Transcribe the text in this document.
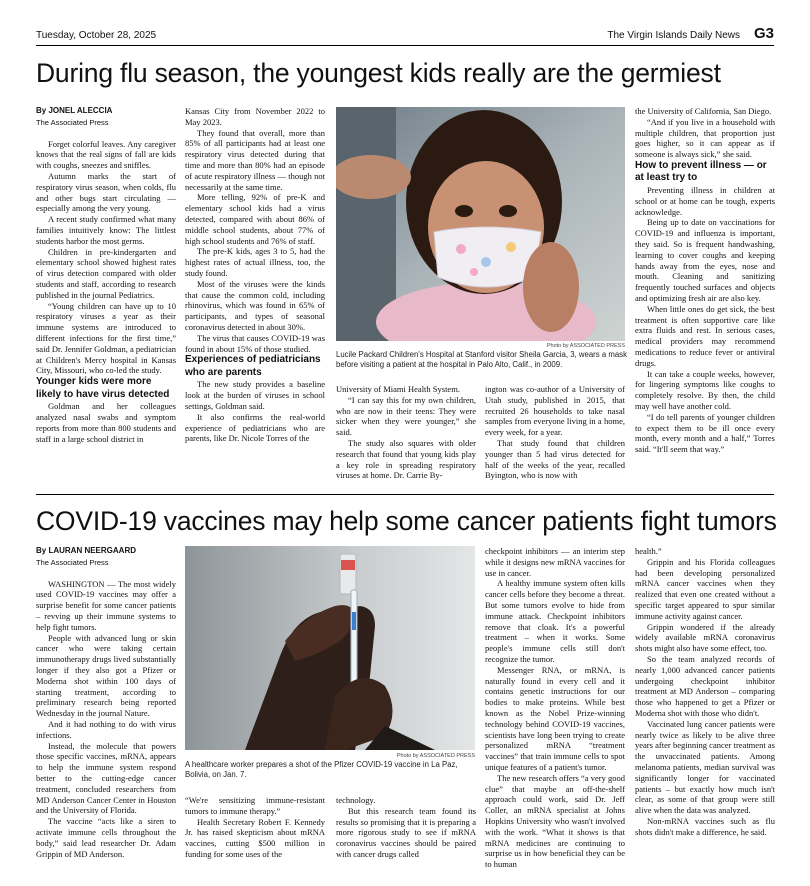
Tuesday, October 28, 2025	The Virgin Islands Daily News G3
During flu season, the youngest kids really are the germiest
By JONEL ALECCIA
The Associated Press

Forget colorful leaves. Any caregiver knows that the real signs of fall are kids with coughs, sneezes and sniffles.

Autumn marks the start of respiratory virus season, when colds, flu and other bugs start circulating — especially among the very young.

A recent study confirmed what many families intuitively know: The littlest students harbor the most germs.

Children in pre-kindergarten and elementary school showed highest rates of virus detection compared with older students and staff, according to research published in the journal Pediatrics.

“Young children can have up to 10 respiratory viruses a year as their immune systems are introduced to different infections for the first time,” said Dr. Jennifer Goldman, a pediatrician at Children's Mercy hospital in Kansas City, Missouri, who co-led the study.

Younger kids were more likely to have virus detected

Goldman and her colleagues analyzed nasal swabs and symptom reports from more than 800 students and staff in a large school district in

Kansas City from November 2022 to May 2023.

They found that overall, more than 85% of all participants had at least one respiratory virus detected during that time and more than 80% had an episode of acute respiratory illness — though not necessarily at the same time.

More telling, 92% of pre-K and elementary school kids had a virus detected, compared with about 86% of middle school students, about 77% of high school students and 76% of staff.

The pre-K kids, ages 3 to 5, had the highest rates of actual illness, too, the study found.

Most of the viruses were the kinds that cause the common cold, including rhinovirus, which was found in 65% of participants, and types of seasonal coronavirus detected in about 30%.

The virus that causes COVID-19 was found in about 15% of those studied.

Experiences of pediatricians who are parents

The new study provides a baseline look at the burden of viruses in school settings, Goldman said.

It also confirms the real-world experience of pediatricians who are parents, like Dr. Nicole Torres of the

Photo by ASSOCIATED PRESS
Lucile Packard Children's Hospital at Stanford visitor Sheila Garcia, 3, wears a mask before visiting a patient at the hospital in Palo Alto, Calif., in 2009.

University of Miami Health System.

“I can say this for my own children, who are now in their teens: They were sicker when they were younger,” she said.

The study also squares with older research that found that young kids play a key role in spreading respiratory viruses at home. Dr. Carrie By-

ington was co-author of a University of Utah study, published in 2015, that recruited 26 households to take nasal samples from everyone living in a home, every week, for a year.

That study found that children younger than 5 had virus detected for half of the weeks of the year, recalled Byington, who is now with

the University of California, San Diego.

“And if you live in a household with multiple children, that proportion just goes higher, so it can appear as if someone is always sick,” she said.

How to prevent illness — or at least try to

Preventing illness in children at school or at home can be tough, experts acknowledge.

Being up to date on vaccinations for COVID-19 and influenza is important, they said. So is frequent handwashing, learning to cover coughs and keeping hands away from the eyes, nose and mouth. Cleaning and sanitizing frequently touched surfaces and objects and optimizing fresh air are also key.

When little ones do get sick, the best treatment is often supportive care like extra fluids and rest. In serious cases, medical providers may recommend medications to reduce fever or antiviral drugs.

It can take a couple weeks, however, for lingering symptoms like coughs to completely resolve. By then, the child may well have another cold.

“I do tell parents of younger children to expect them to be ill once every month, every month and a half,” Torres said. “It'll seem that way.”

COVID-19 vaccines may help some cancer patients fight tumors
By LAURAN NEERGAARD
The Associated Press

WASHINGTON — The most widely used COVID-19 vaccines may offer a surprise benefit for some cancer patients – revving up their immune systems to help fight tumors.

People with advanced lung or skin cancer who were taking certain immunotherapy drugs lived substantially longer if they also got a Pfizer or Moderna shot within 100 days of starting treatment, according to preliminary research being reported Wednesday in the journal Nature.

And it had nothing to do with virus infections.

Instead, the molecule that powers those specific vaccines, mRNA, appears to help the immune system respond better to the cutting-edge cancer treatment, concluded researchers from MD Anderson Cancer Center in Houston and the University of Florida.

The vaccine “acts like a siren to activate immune cells throughout the body,” said lead researcher Dr. Adam Grippin of MD Anderson.

Photo by ASSOCIATED PRESS
A healthcare worker prepares a shot of the Pfizer COVID-19 vaccine in La Paz, Bolivia, on Jan. 7.

“We're sensitizing immune-resistant tumors to immune therapy.”

Health Secretary Robert F. Kennedy Jr. has raised skepticism about mRNA vaccines, cutting $500 million in funding for some uses of the

technology.

But this research team found its results so promising that it is preparing a more rigorous study to see if mRNA coronavirus vaccines should be paired with cancer drugs called

checkpoint inhibitors — an interim step while it designs new mRNA vaccines for use in cancer.

A healthy immune system often kills cancer cells before they become a threat. But some tumors evolve to hide from immune attack. Checkpoint inhibitors remove that cloak. It's a powerful treatment – when it works. Some people's immune cells still don't recognize the tumor.

Messenger RNA, or mRNA, is naturally found in every cell and it contains genetic instructions for our bodies to make proteins. While best known as the Nobel Prize-winning technology behind COVID-19 vaccines, scientists have long been trying to create personalized mRNA “treatment vaccines” that train immune cells to spot unique features of a patient's tumor.

The new research offers “a very good clue” that maybe an off-the-shelf approach could work, said Dr. Jeff Coller, an mRNA specialist at Johns Hopkins University who wasn't involved with the work. “What it shows is that mRNA medicines are continuing to surprise us in how beneficial they can be to human

health.”

Grippin and his Florida colleagues had been developing personalized mRNA cancer vaccines when they realized that even one created without a specific target appeared to spur similar immune activity against cancer.

Grippin wondered if the already widely available mRNA coronavirus shots might also have some effect, too.

So the team analyzed records of nearly 1,000 advanced cancer patients undergoing checkpoint inhibitor treatment at MD Anderson – comparing those who happened to get a Pfizer or Moderna shot with those who didn't.

Vaccinated lung cancer patients were nearly twice as likely to be alive three years after beginning cancer treatment as the unvaccinated patients. Among melanoma patients, median survival was significantly longer for vaccinated patients – but exactly how much isn't clear, as some of that group were still alive when the data was analyzed.

Non-mRNA vaccines such as flu shots didn't make a difference, he said.
